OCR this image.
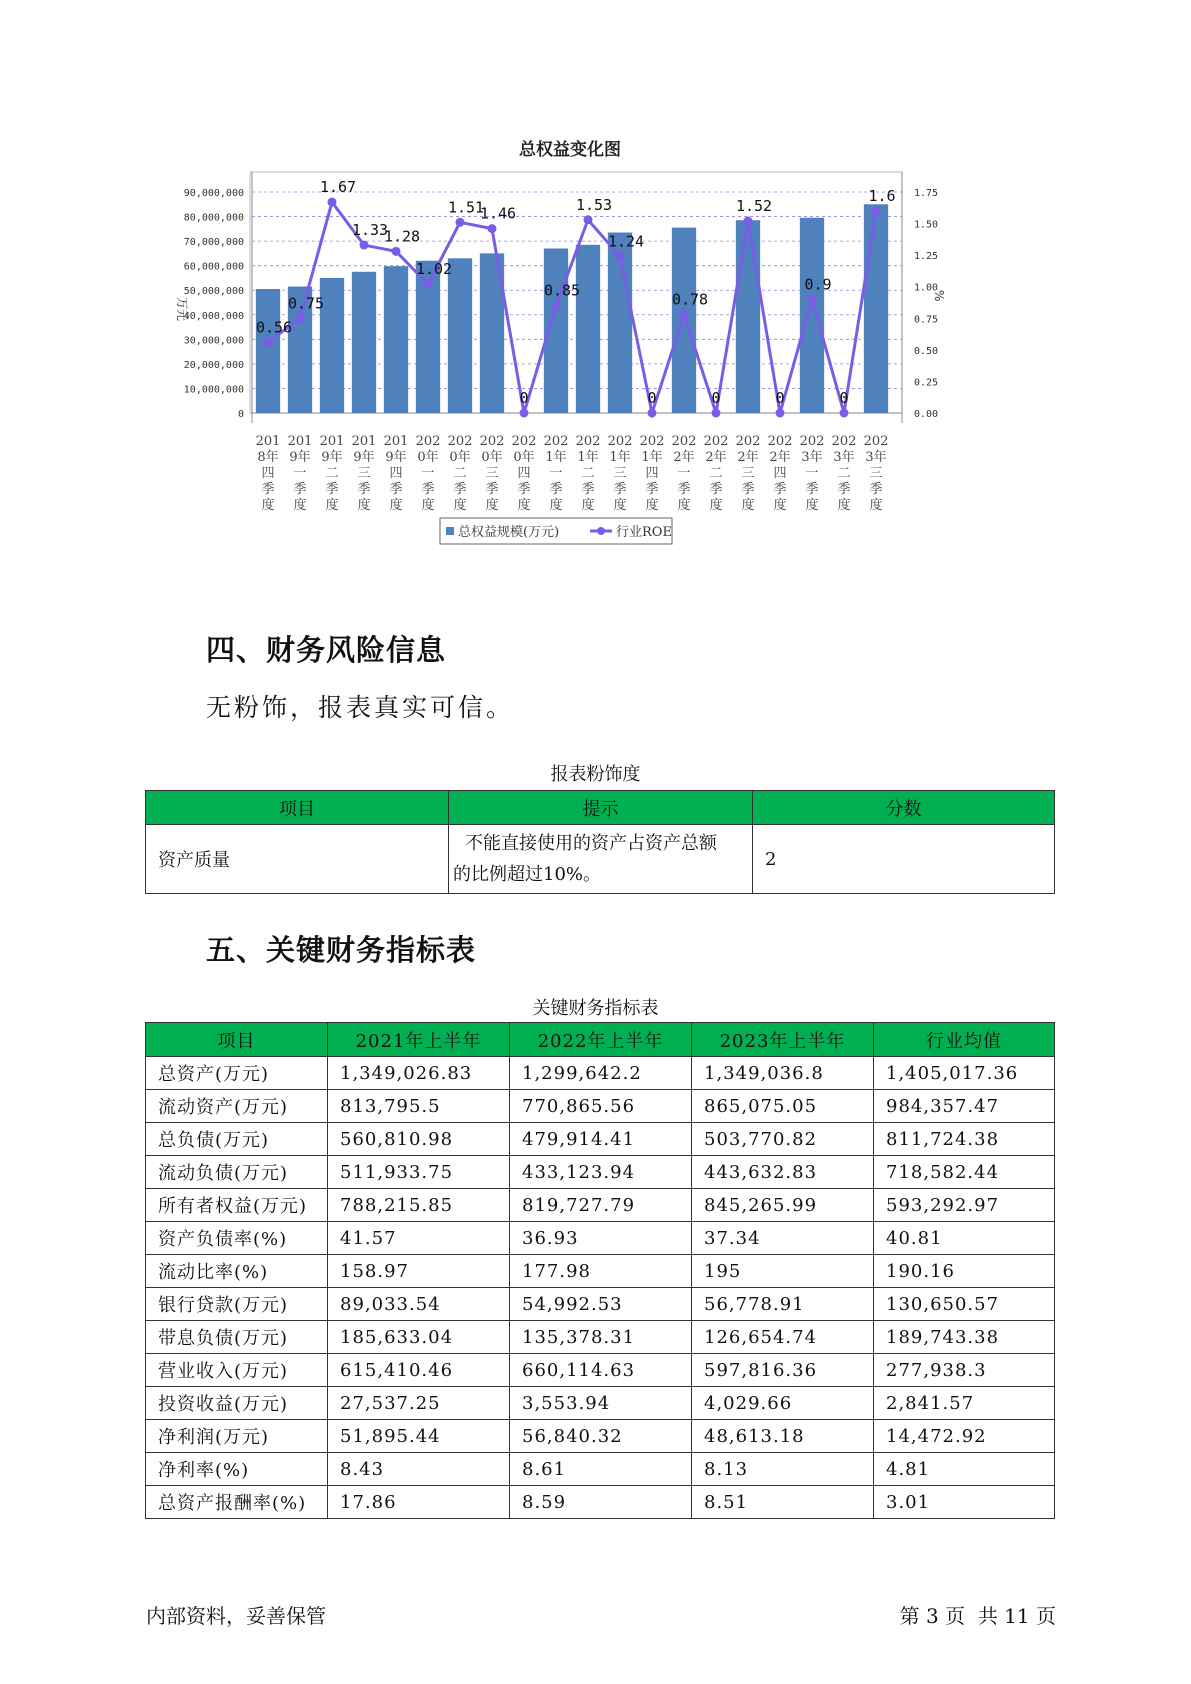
总权益变化图
0.56
0.75
1.67
1.33
1.28
1.02
1.51
1.46
0
0.85
1.53
1.24
0
0.78
0
1.52
0
0.9
0
1.6
0
10,000,000
20,000,000
30,000,000
40,000,000
50,000,000
60,000,000
70,000,000
80,000,000
90,000,000
0.00
0.25
0.50
0.75
1.00
1.25
1.50
1.75
201
8年
四
季
度
201
9年
一
季
度
201
9年
二
季
度
201
9年
三
季
度
201
9年
四
季
度
202
0年
一
季
度
202
0年
二
季
度
202
0年
三
季
度
202
0年
四
季
度
202
1年
一
季
度
202
1年
二
季
度
202
1年
三
季
度
202
1年
四
季
度
202
2年
一
季
度
202
2年
二
季
度
202
2年
三
季
度
202
2年
四
季
度
202
3年
一
季
度
202
3年
二
季
度
202
3年
三
季
度
万元
%
总权益规模(万元)	行业ROE
四、财务风险信息
无粉饰，报表真实可信。
报表粉饰度
项目	提示	分数
资产质量	不能直接使用的资产占资产总额
的比例超过10%。	2
五、关键财务指标表
关键财务指标表
项目	2021年上半年	2022年上半年	2023年上半年	行业均值
总资产(万元)	1,349,026.83	1,299,642.2	1,349,036.8	1,405,017.36
流动资产(万元)	813,795.5	770,865.56	865,075.05	984,357.47
总负债(万元)	560,810.98	479,914.41	503,770.82	811,724.38
流动负债(万元)	511,933.75	433,123.94	443,632.83	718,582.44
所有者权益(万元)	788,215.85	819,727.79	845,265.99	593,292.97
资产负债率(%)	41.57	36.93	37.34	40.81
流动比率(%)	158.97	177.98	195	190.16
银行贷款(万元)	89,033.54	54,992.53	56,778.91	130,650.57
带息负债(万元)	185,633.04	135,378.31	126,654.74	189,743.38
营业收入(万元)	615,410.46	660,114.63	597,816.36	277,938.3
投资收益(万元)	27,537.25	3,553.94	4,029.66	2,841.57
净利润(万元)	51,895.44	56,840.32	48,613.18	14,472.92
净利率(%)	8.43	8.61	8.13	4.81
总资产报酬率(%)	17.86	8.59	8.51	3.01
内部资料，妥善保管	第 3 页  共 11 页
